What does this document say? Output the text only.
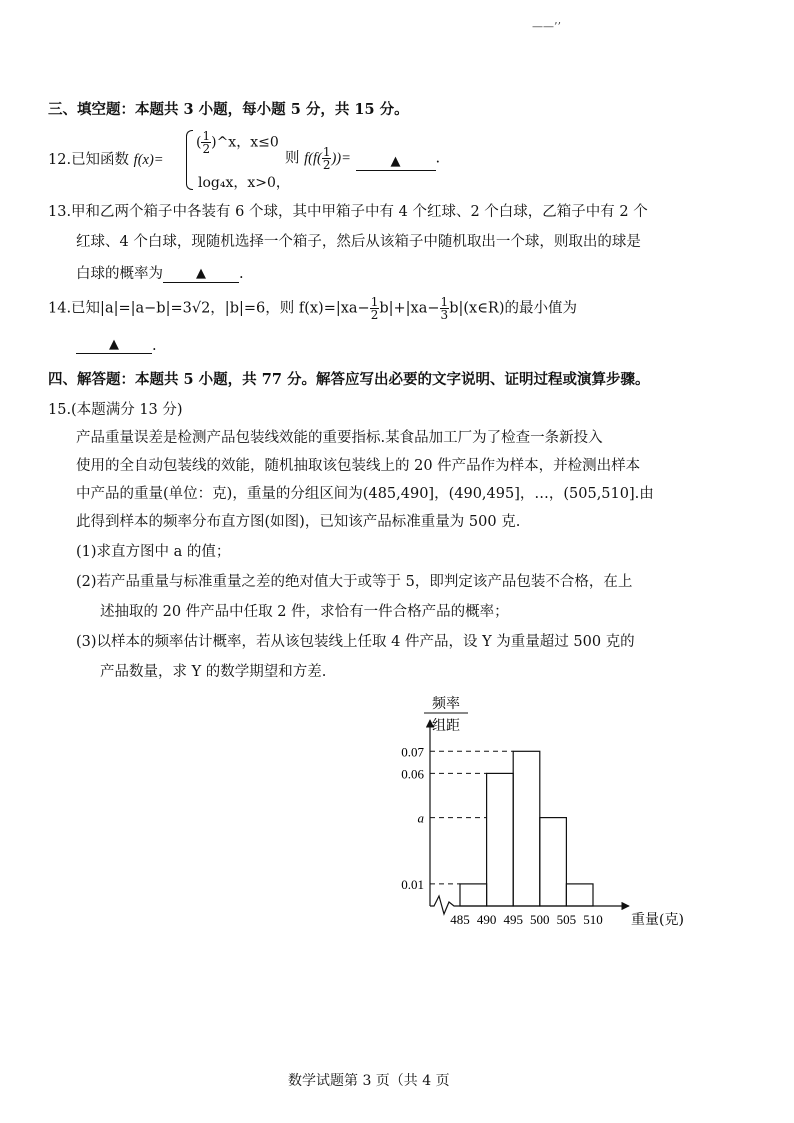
——’’
三、填空题：本题共 3 小题，每小题 5 分，共 15 分。
12.已知函数 f(x)=
( $\frac{1}{2}$ )^x，x≤0
log₄x，x>0，
则 $f(f( \frac{1}{2}$ ))=	▲ .
13.甲和乙两个箱子中各装有 6 个球，其中甲箱子中有 4 个红球、2 个白球，乙箱子中有 2 个
红球、4 个白球，现随机选择一个箱子，然后从该箱子中随机取出一个球，则取出的球是
白球的概率为	▲ .
14.已知|a|=|a−b|=3√2，|b|=6，则 $f(x)=|xa- \frac{1}{2} b|+|xa- \frac{1}{3}$ b|(x∈R)的最小值为
▲ .
四、解答题：本题共 5 小题，共 77 分。解答应写出必要的文字说明、证明过程或演算步骤。
15.(本题满分 13 分)
产品重量误差是检测产品包装线效能的重要指标.某食品加工厂为了检查一条新投入
使用的全自动包装线的效能，随机抽取该包装线上的 20 件产品作为样本，并检测出样本
中产品的重量(单位：克)，重量的分组区间为(485,490]，(490,495]，…，(505,510].由
此得到样本的频率分布直方图(如图)，已知该产品标准重量为 500 克.
(1)求直方图中 a 的值；
(2)若产品重量与标准重量之差的绝对值大于或等于 5，即判定该产品包装不合格，在上
述抽取的 20 件产品中任取 2 件，求恰有一件合格产品的概率；
(3)以样本的频率估计概率，若从该包装线上任取 4 件产品，设 Y 为重量超过 500 克的
产品数量，求 Y 的数学期望和方差.
0.07
0.06
a
0.01
485 490 495 500 505 510 重量(克)
频率
组距
数学试题第 3 页（共 4 页
